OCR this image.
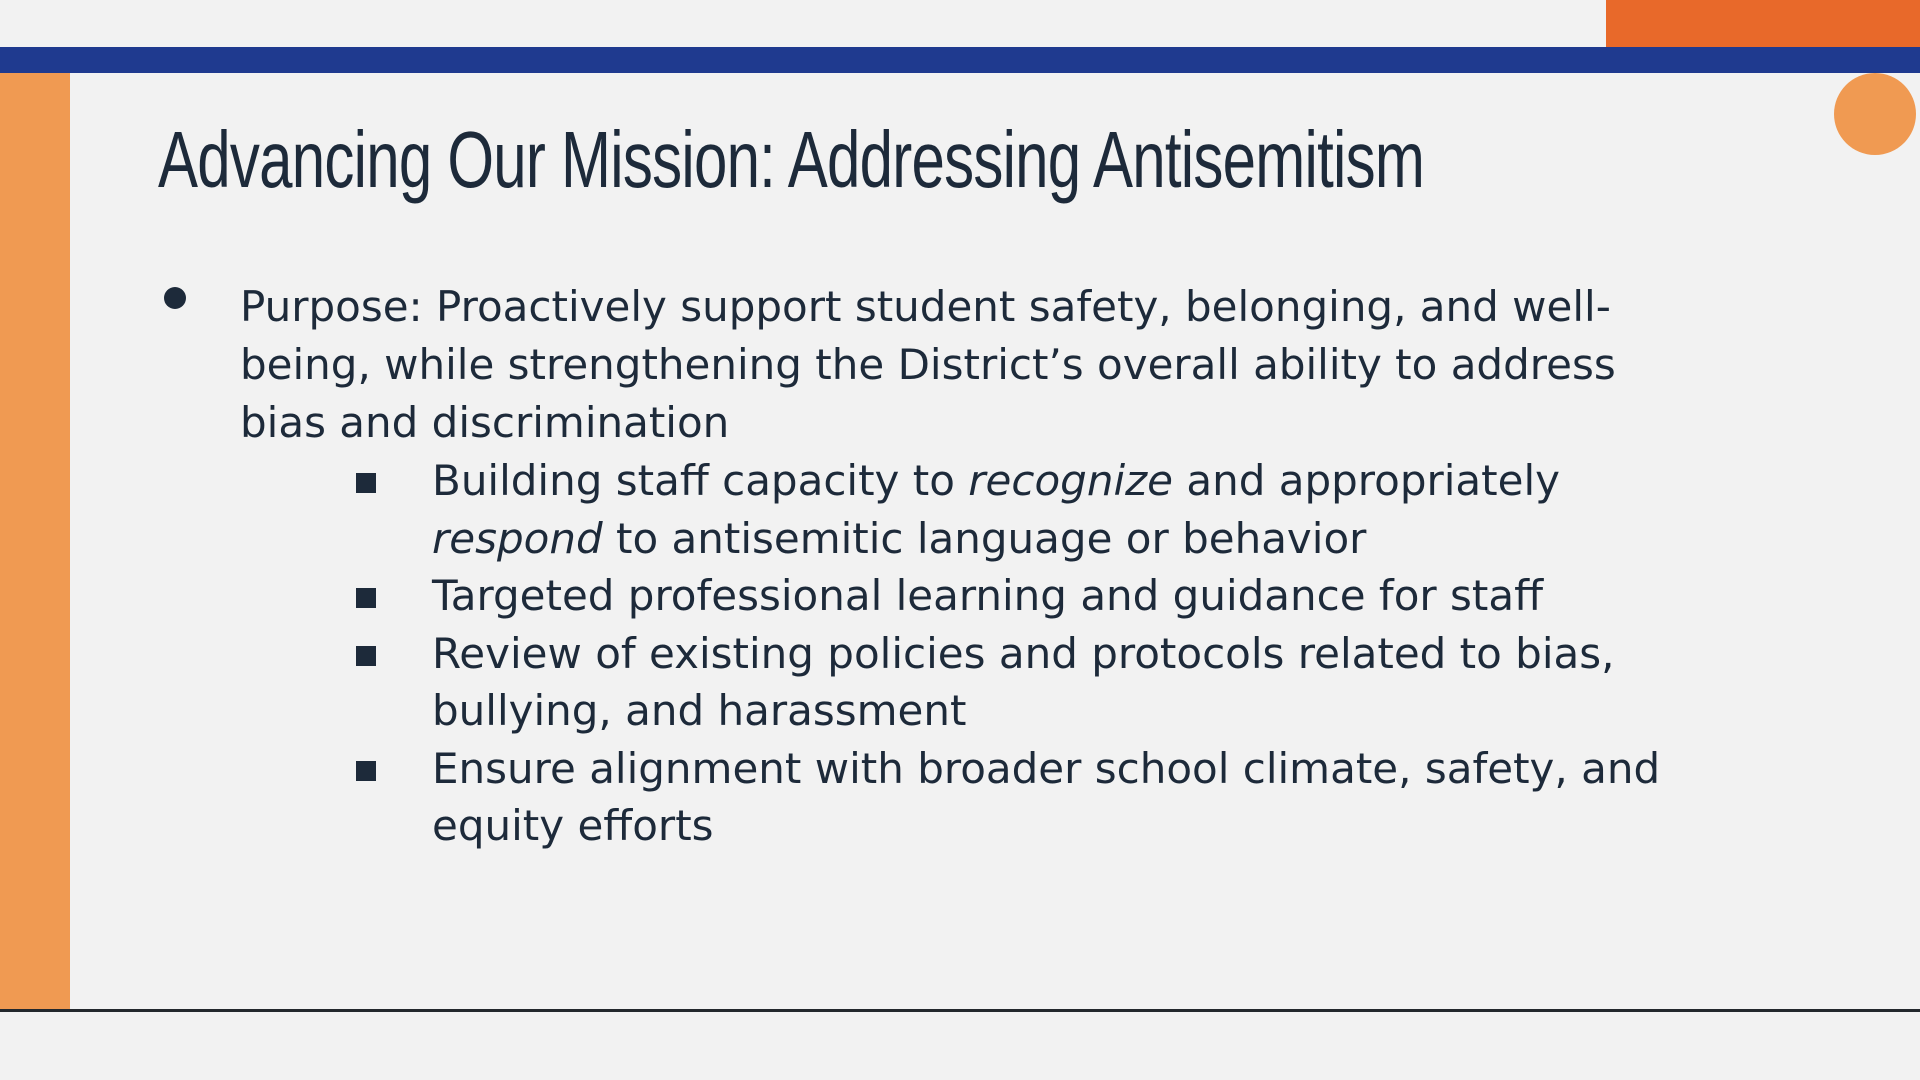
Advancing Our Mission: Addressing Antisemitism
Purpose: Proactively support student safety, belonging, and well-being, while strengthening the District’s overall ability to address bias and discrimination
Building staff capacity to recognize and appropriately
respond to antisemitic language or behavior
Targeted professional learning and guidance for staff
Review of existing policies and protocols related to bias, bullying, and harassment
Ensure alignment with broader school climate, safety, and equity efforts
